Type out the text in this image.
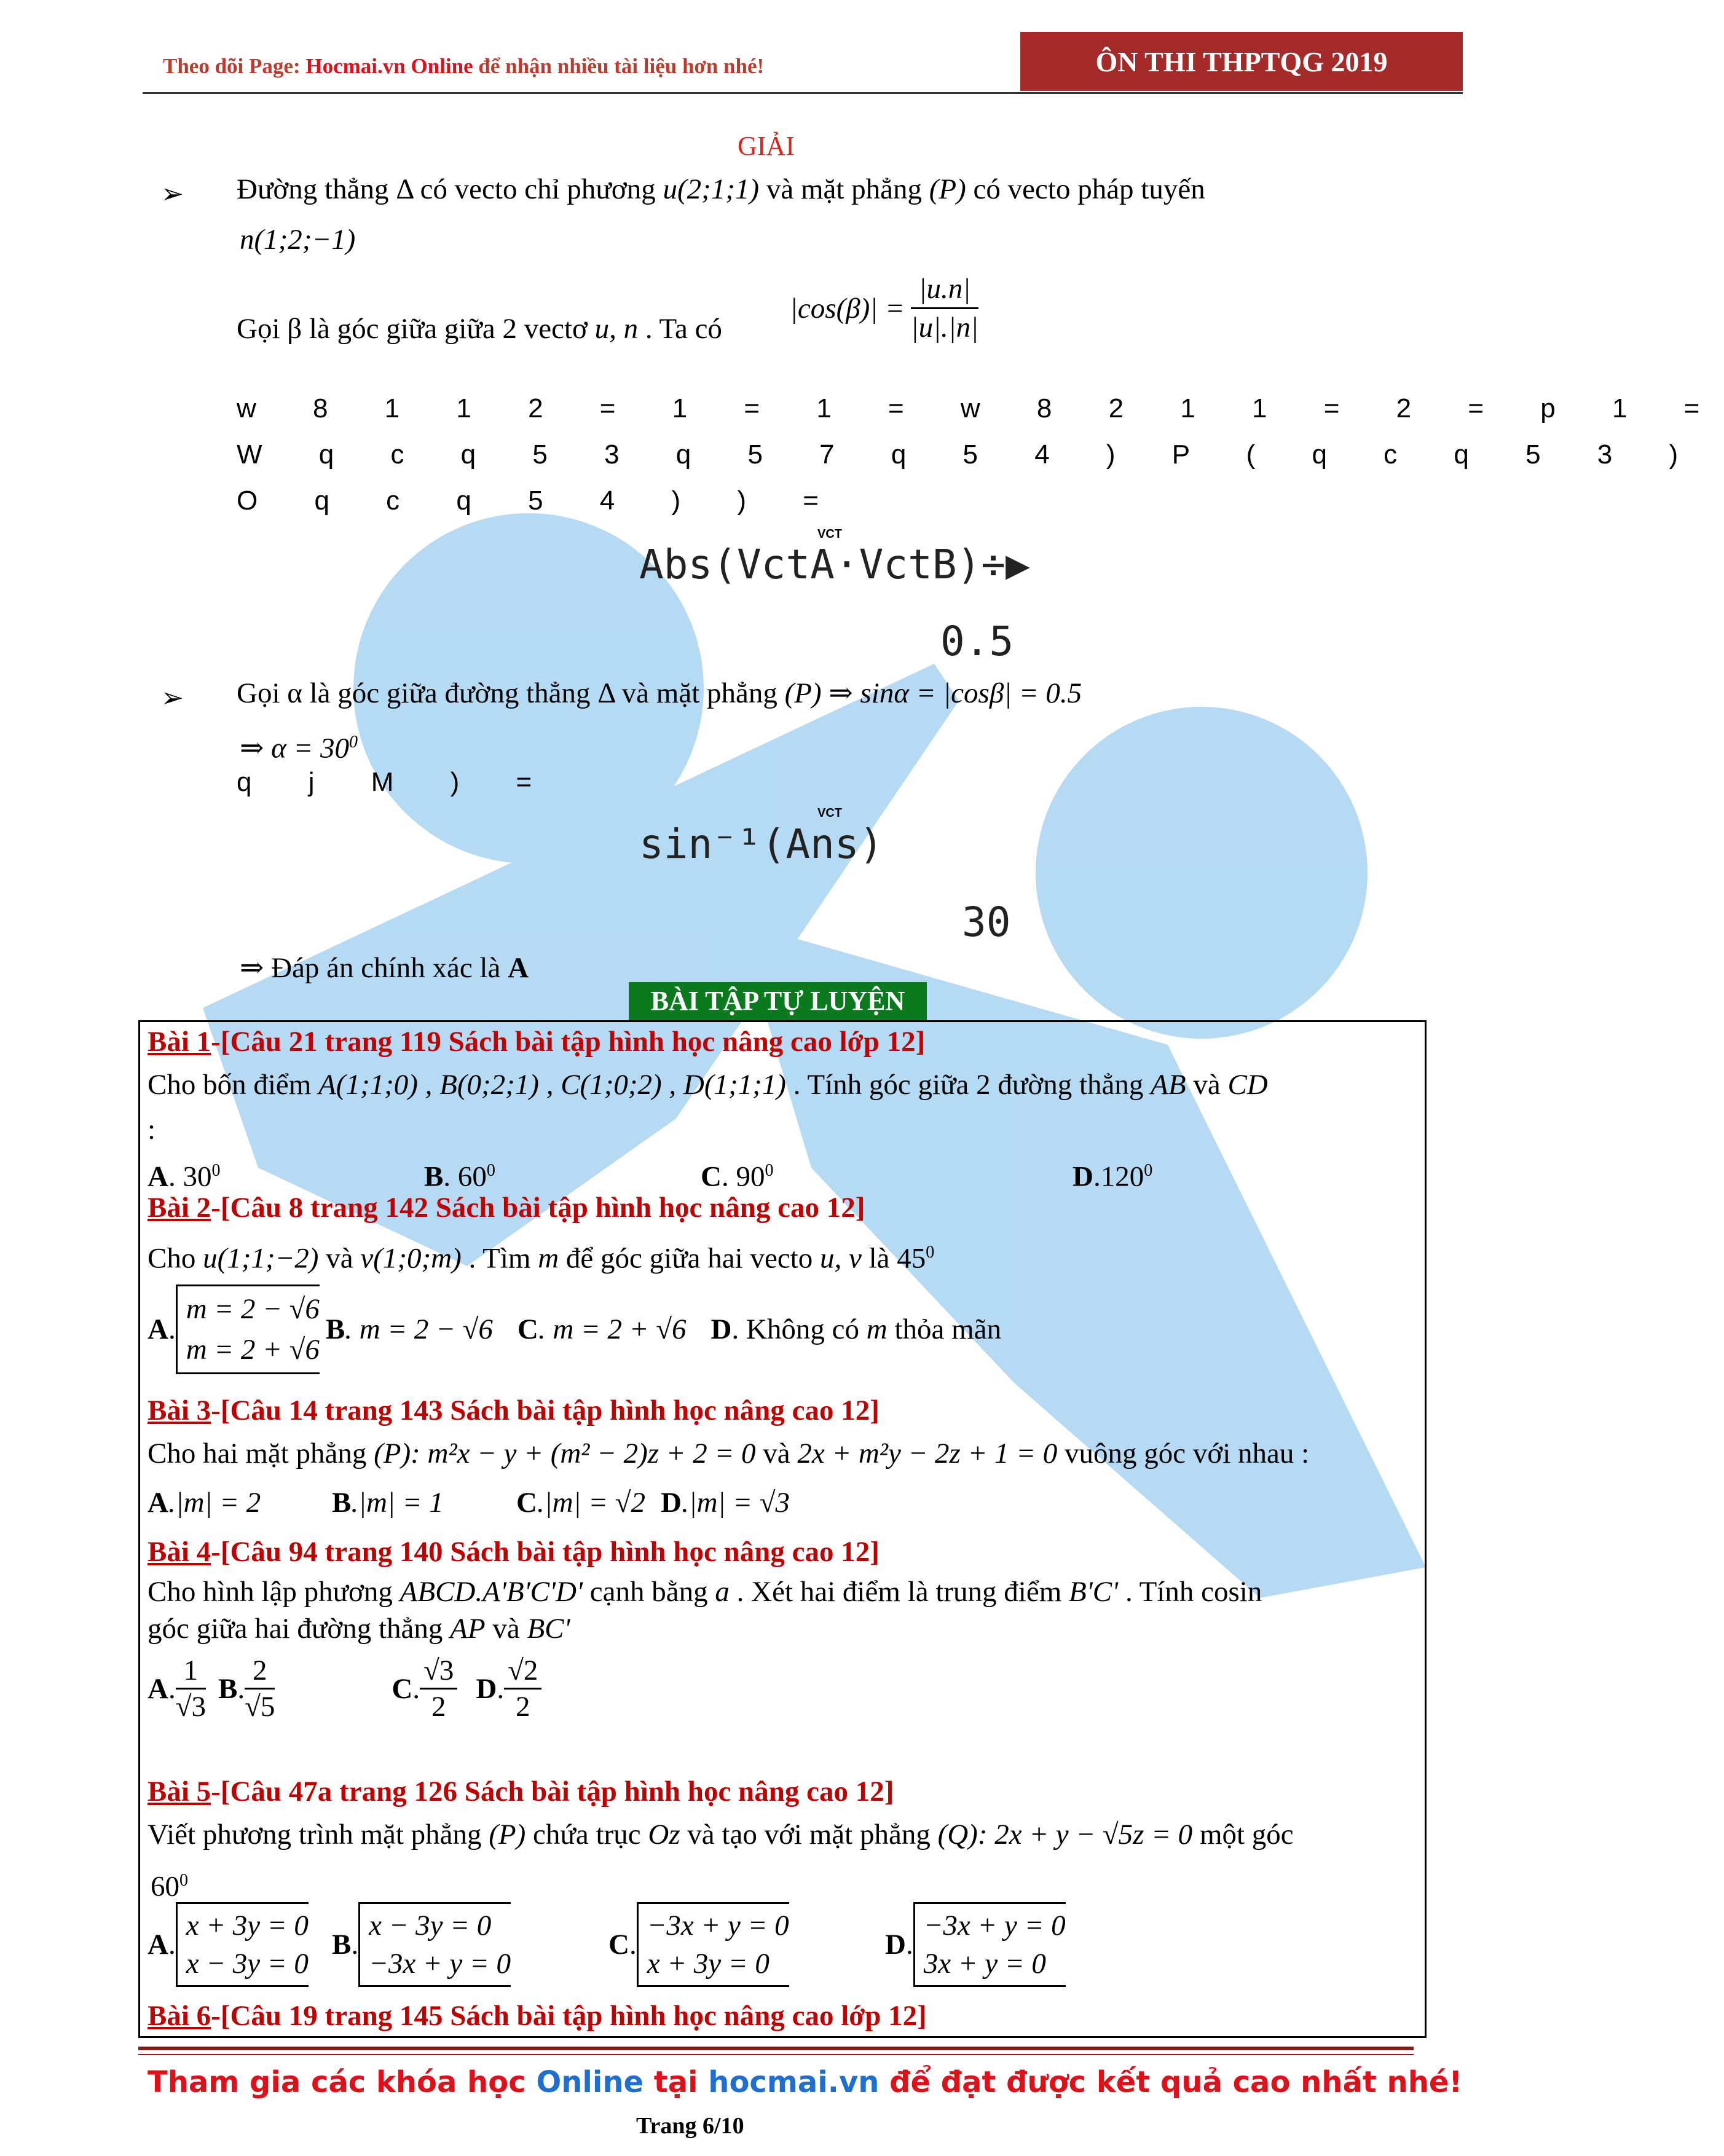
Theo dõi Page: Hocmai.vn Online để nhận nhiều tài liệu hơn nhé!	ÔN THI THPTQG 2019
GIẢI
➢ Đường thẳng Δ có vecto chỉ phương u(2;1;1) và mặt phẳng (P) có vecto pháp tuyến
n(1;2;−1)
Gọi β là góc giữa giữa 2 vectơ u, n . Ta có
$|\cos(\beta)| = \frac{|u.n|}{|u|.|n|}$
w 8 1 1 2 = 1 = 1 = w 8 2 1 1 = 2 = p 1 =
W q c q 5 3 q 5 7 q 5 4 ) P ( q c q 5 3 )
O q c q 5 4 ) ) =
VCT
Abs(VctA·VctB)÷▶
0.5
➢ Gọi α là góc giữa đường thẳng Δ và mặt phẳng (P) ⇒ sinα = |cosβ| = 0.5
⇒ $\alpha = 30^0$
q j M ) =
VCT
sin⁻¹(Ans)
30
⇒ Đáp án chính xác là A
BÀI TẬP TỰ LUYỆN
Bài 1-[Câu 21 trang 119 Sách bài tập hình học nâng cao lớp 12]
Cho bốn điểm A(1;1;0) , B(0;2;1) , C(1;0;2) , D(1;1;1) . Tính góc giữa 2 đường thẳng AB và CD
:
A. $30^0$	B. $60^0$	C. $90^0$	D.120$^0$
Bài 2-[Câu 8 trang 142 Sách bài tập hình học nâng cao 12]
Cho u(1;1;−2) và v(1;0;m) . Tìm m để góc giữa hai vecto u, v là $45^0$
A .
m = 2 − √6
m = 2 + √6
B . m = 2 − √6 C . m = 2 + √6 D . Không có
m
thỏa mãn
Bài 3-[Câu 14 trang 143 Sách bài tập hình học nâng cao 12]
Cho hai mặt phẳng (P): m²x − y + (m² − 2)z + 2 = 0 và 2x + m²y − 2z + 1 = 0 vuông góc với nhau :
A.|m| = 2 B.|m| = 1	C.|m| = √2 D.|m| = √3
Bài 4-[Câu 94 trang 140 Sách bài tập hình học nâng cao 12]
Cho hình lập phương ABCD.A'B'C'D' cạnh bằng a . Xét hai điểm là trung điểm B'C' . Tính cosin
góc giữa hai đường thẳng AP và BC'
A . $\frac{1}{√3}$ B . $\frac{2}{√5}$	C . $\frac{√3}{2}$ D . $\frac{√2}{2}$
Bài 5-[Câu 47a trang 126 Sách bài tập hình học nâng cao 12]
Viết phương trình mặt phẳng (P) chứa trục Oz và tạo với mặt phẳng (Q): 2x + y − √5z = 0 một góc
$60^0$
A .
x + 3y = 0
x − 3y = 0
B .
x − 3y = 0
−3x + y = 0
C .
−3x + y = 0
x + 3y = 0
D .
−3x + y = 0
3x + y = 0
Bài 6-[Câu 19 trang 145 Sách bài tập hình học nâng cao lớp 12]
Tham gia các khóa học Online tại hocmai.vn để đạt được kết quả cao nhất nhé!
Trang 6/10
